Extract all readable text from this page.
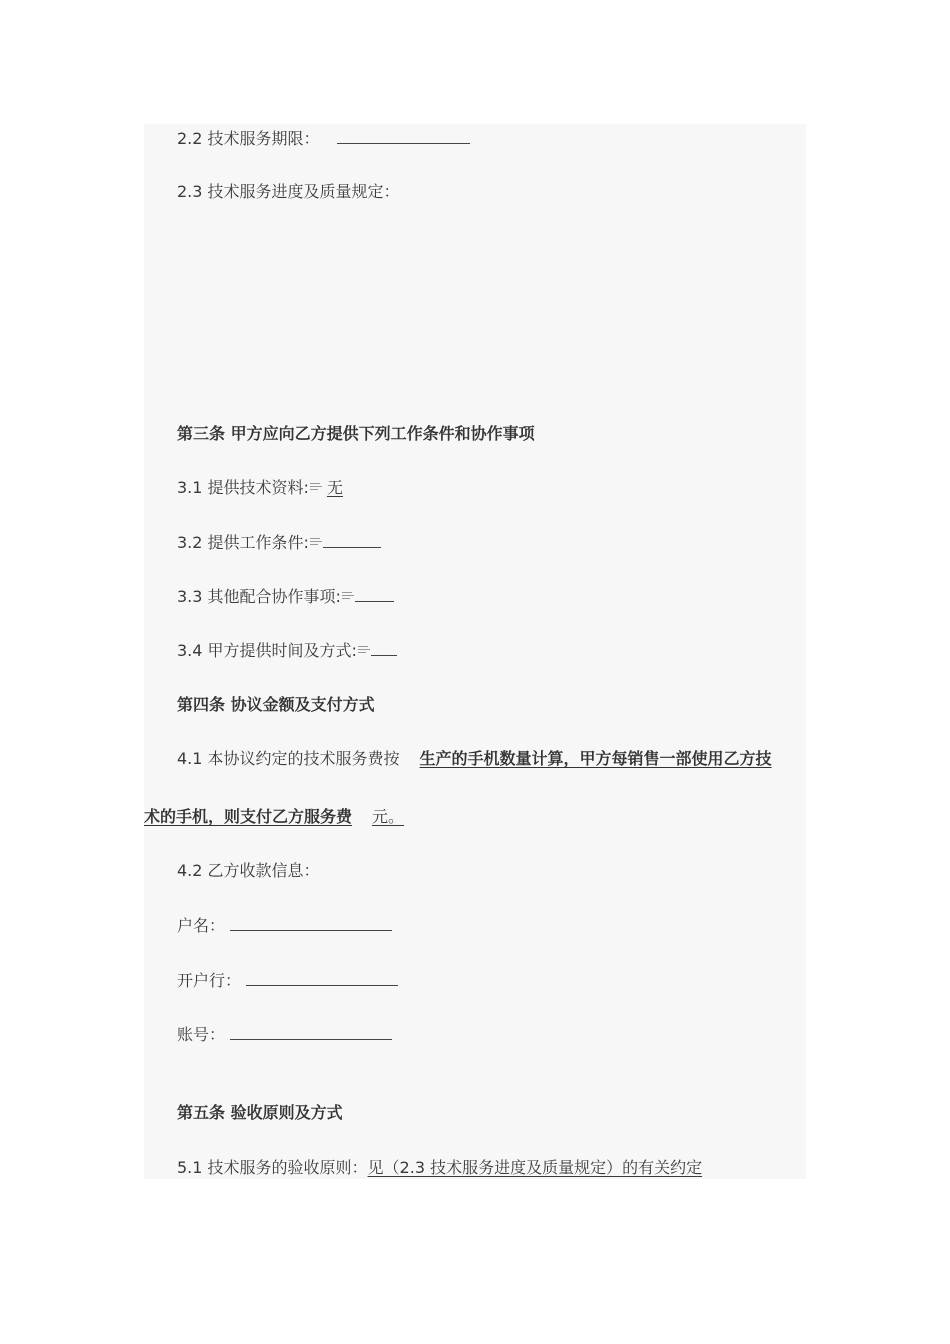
2.2 技术服务期限：
2.3 技术服务进度及质量规定：
第三条 甲方应向乙方提供下列工作条件和协作事项
3.1 提供技术资料: 无
3.2 提供工作条件:
3.3 其他配合协作事项:
3.4 甲方提供时间及方式:
第四条 协议金额及支付方式
4.1 本协议约定的技术服务费按 生产的手机数量计算，甲方每销售一部使用乙方技
术的手机，则支付乙方服务费 元。
4.2 乙方收款信息：
户名：
开户行：
账号：
第五条 验收原则及方式
5.1 技术服务的验收原则：见（2.3 技术服务进度及质量规定）的有关约定
